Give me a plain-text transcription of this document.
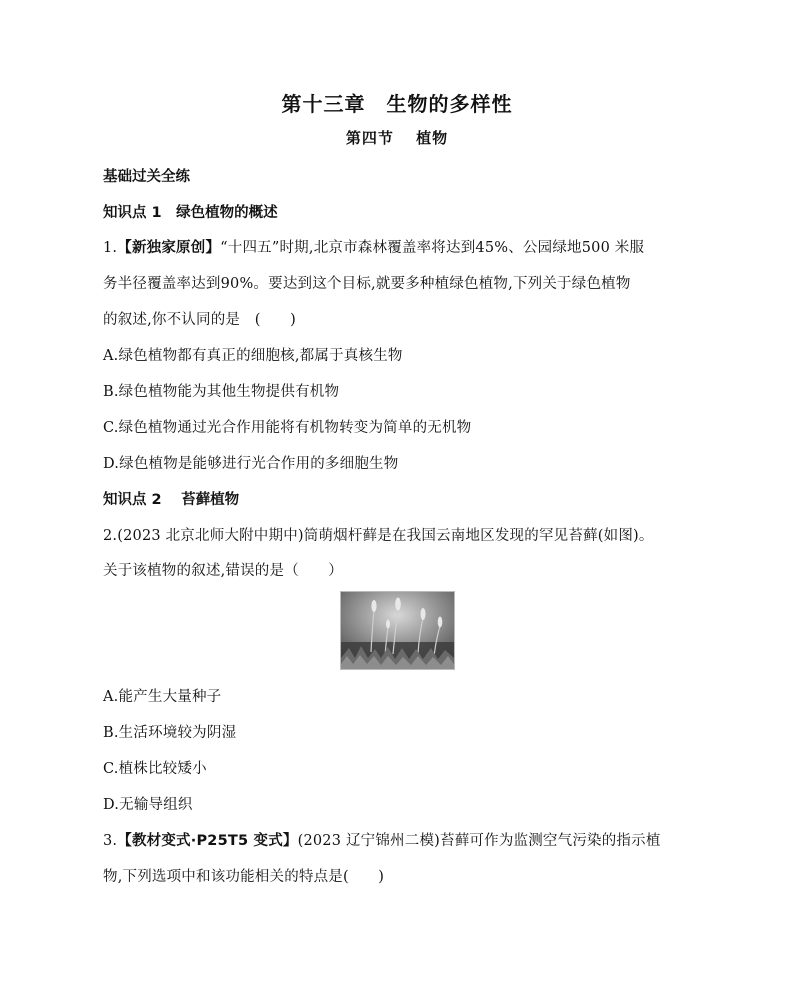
第十三章　生物的多样性
第四节　 植物
基础过关全练
知识点 1　绿色植物的概述
1.【新独家原创】“十四五”时期,北京市森林覆盖率将达到45%、公园绿地500 米服
务半径覆盖率达到90%。要达到这个目标,就要多种植绿色植物,下列关于绿色植物
的叙述,你不认同的是　(　　)
A.绿色植物都有真正的细胞核,都属于真核生物
B.绿色植物能为其他生物提供有机物
C.绿色植物通过光合作用能将有机物转变为简单的无机物
D.绿色植物是能够进行光合作用的多细胞生物
知识点 2　 苔藓植物
2.(2023 北京北师大附中期中)筒萌烟杆藓是在我国云南地区发现的罕见苔藓(如图)。
关于该植物的叙述,错误的是（　　）
A.能产生大量种子
B.生活环境较为阴湿
C.植株比较矮小
D.无输导组织
3.【教材变式·P25T5 变式】(2023 辽宁锦州二模)苔藓可作为监测空气污染的指示植
物,下列选项中和该功能相关的特点是(　　)
